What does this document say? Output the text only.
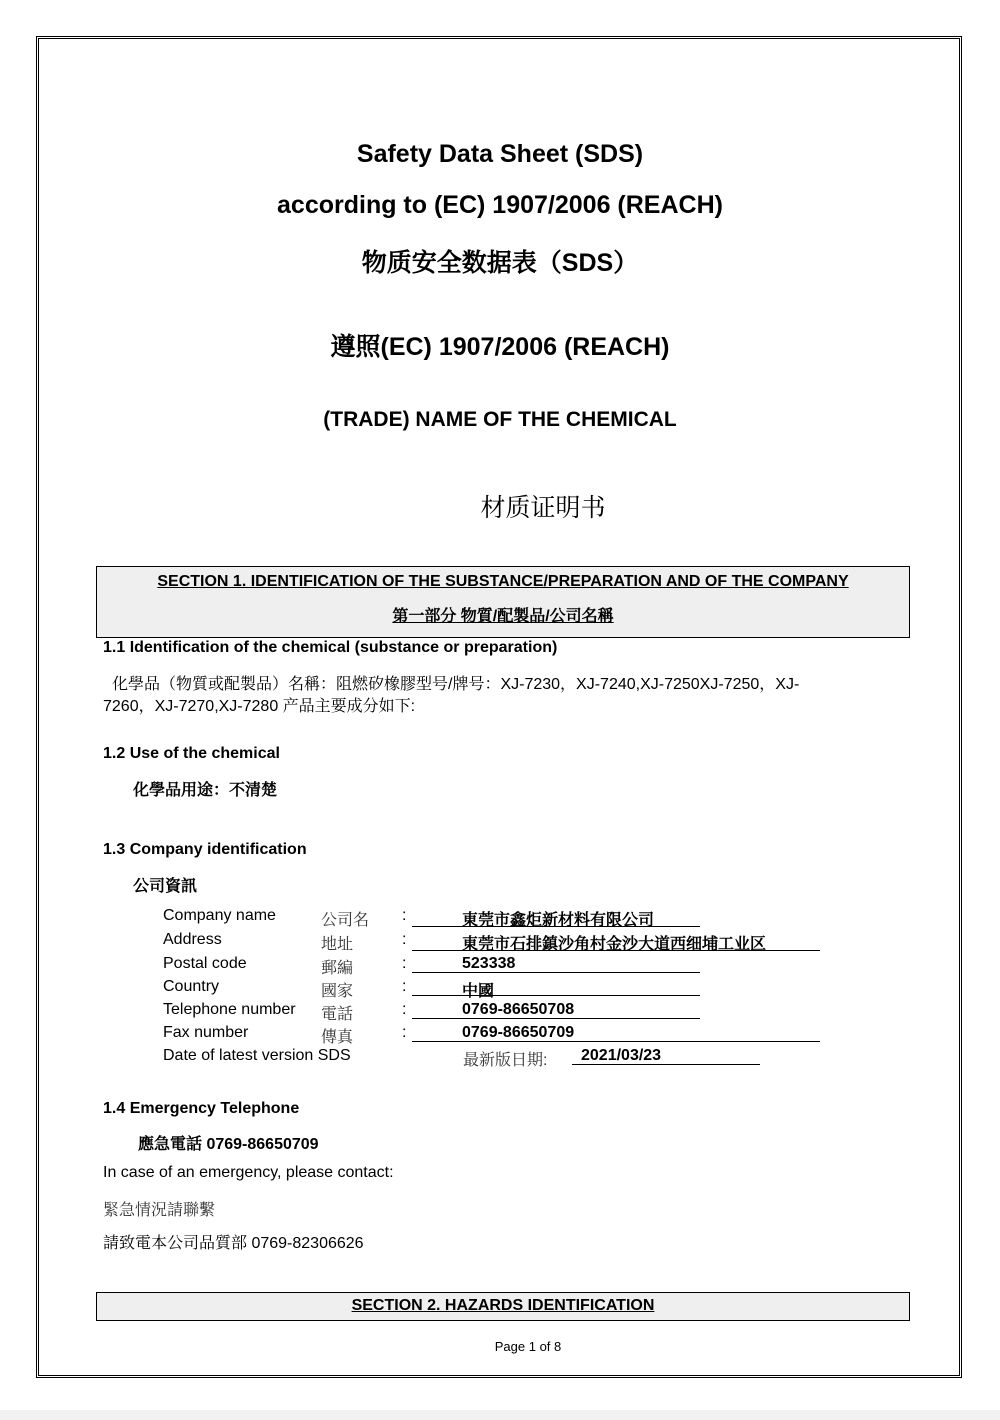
Safety Data Sheet (SDS)
according to (EC) 1907/2006 (REACH)
物质安全数据表（SDS）
遵照(EC) 1907/2006 (REACH)
(TRADE) NAME OF THE CHEMICAL
材质证明书
SECTION 1. IDENTIFICATION OF THE SUBSTANCE/PREPARATION AND OF THE COMPANY
第一部分 物質/配製品/公司名稱
1.1 Identification of the chemical (substance or preparation)
化學品（物質或配製品）名稱：阻燃矽橡膠型号/牌号：XJ-7230，XJ-7240,XJ-7250XJ-7250，XJ-
7260，XJ-7270,XJ-7280 产品主要成分如下:
1.2 Use of the chemical
化學品用途：不清楚
1.3 Company identification
公司資訊
Company name	公司名 :	東莞市鑫炬新材料有限公司
Address	地址	:	東莞市石排鎮沙角村金沙大道西细埔工业区
Postal code	郵編	:	523338
Country	國家	:	中國
Telephone number 電話	:	0769-86650708
Fax number	傳真	:	0769-86650709
Date of latest version SDS	最新版日期: 2021/03/23
1.4 Emergency Telephone
應急電話 0769-86650709
In case of an emergency, please contact:
緊急情況請聯繫
請致電本公司品質部 0769-82306626
SECTION 2. HAZARDS IDENTIFICATION
Page 1 of 8
